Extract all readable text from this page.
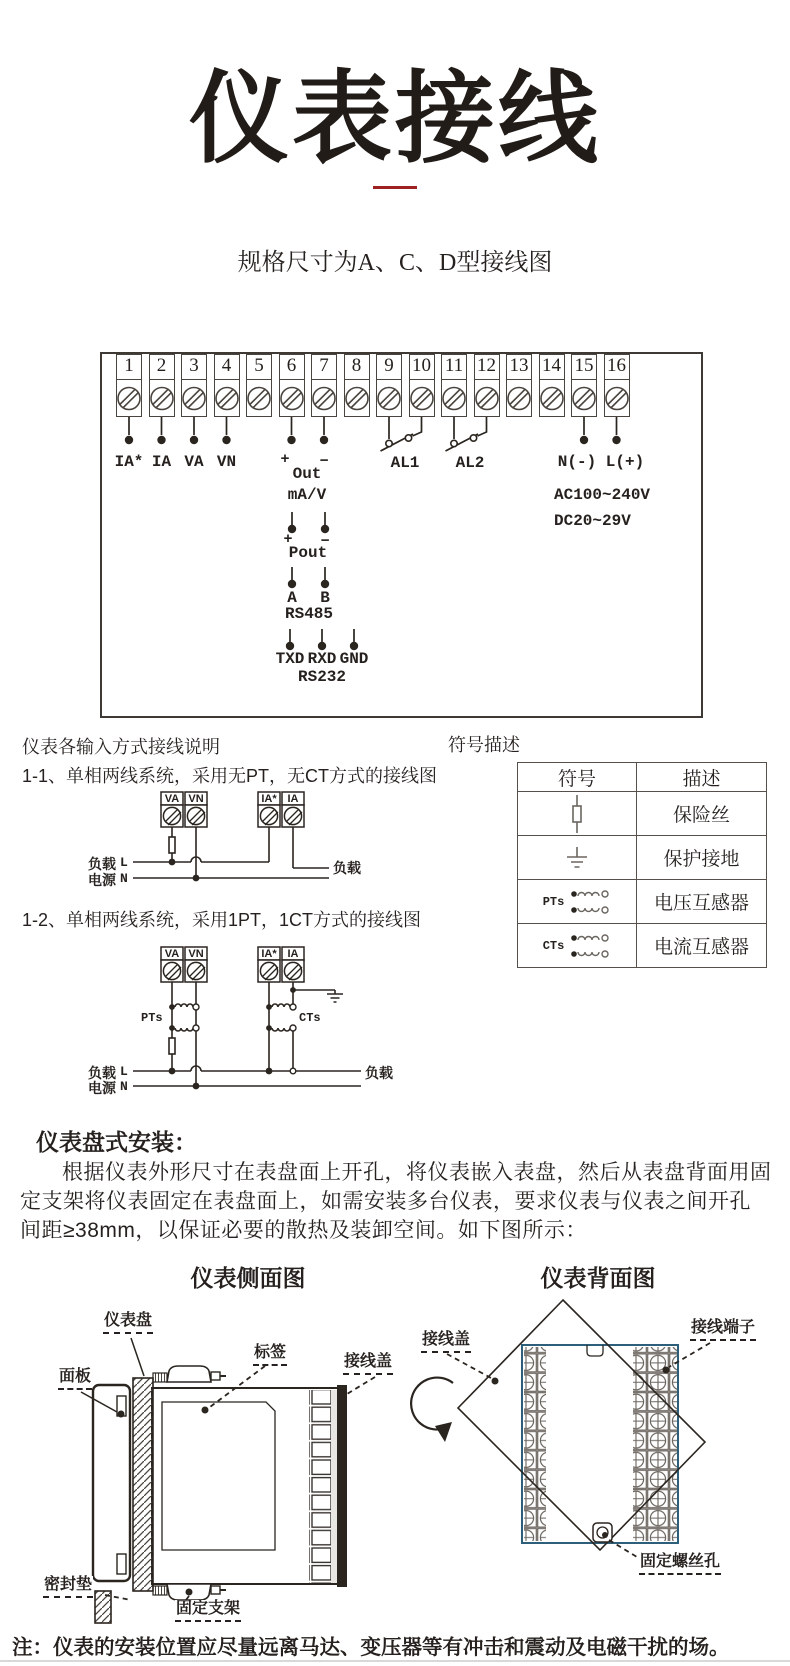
仪表接线
规格尺寸为A、C、D型接线图
1	2	3	4	5	6	7	8	9 10 11 12 13 14 15 16
IA* IA VA VN	+ −
Out
mA/V
+ −
Pout
A B
RS485
TXD RXD GND
RS232
AL1 AL2	N(-) L(+)
AC100~240V
DC20~29V
仪表各输入方式接线说明	符号描述
1-1、单相两线系统，采用无PT，无CT方式的接线图
1-2、单相两线系统，采用1PT，1CT方式的接线图
VA VN	IA* IA
负载 L
电源 N
负载
VA VN	IA* IA
PTs	CTs
负载 L
电源 N
负载
符号	描述
保险丝
保护接地
PTs	电压互感器
CTs	电流互感器
仪表盘式安装：
根据仪表外形尺寸在表盘面上开孔，将仪表嵌入表盘，然后从表盘背面用固定支架将仪表固定在表盘面上，如需安装多台仪表，要求仪表与仪表之间开孔间距≥38mm，以保证必要的散热及装卸空间。如下图所示：
仪表侧面图	仪表背面图
仪表盘
面板
标签
接线盖
密封垫
固定支架
接线盖
接线端子
固定螺丝孔
注：仪表的安装位置应尽量远离马达、变压器等有冲击和震动及电磁干扰的场。
